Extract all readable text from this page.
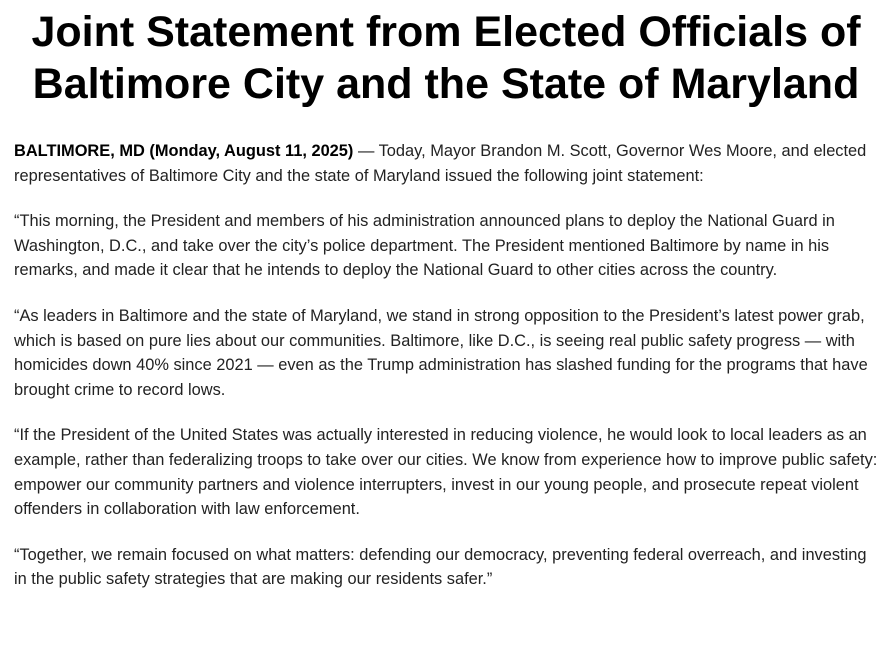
Joint Statement from Elected Officials of
Baltimore City and the State of Maryland

BALTIMORE, MD (Monday, August 11, 2025) — Today, Mayor Brandon M. Scott, Governor Wes Moore, and elected representatives of Baltimore City and the state of Maryland issued the following joint statement:

“This morning, the President and members of his administration announced plans to deploy the National Guard in Washington, D.C., and take over the city’s police department. The President mentioned Baltimore by name in his remarks, and made it clear that he intends to deploy the National Guard to other cities across the country.

“As leaders in Baltimore and the state of Maryland, we stand in strong opposition to the President’s latest power grab, which is based on pure lies about our communities. Baltimore, like D.C., is seeing real public safety progress — with homicides down 40% since 2021 — even as the Trump administration has slashed funding for the programs that have brought crime to record lows.

“If the President of the United States was actually interested in reducing violence, he would look to local leaders as an example, rather than federalizing troops to take over our cities. We know from experience how to improve public safety: empower our community partners and violence interrupters, invest in our young people, and prosecute repeat violent offenders in collaboration with law enforcement.

“Together, we remain focused on what matters: defending our democracy, preventing federal overreach, and investing in the public safety strategies that are making our residents safer.”
